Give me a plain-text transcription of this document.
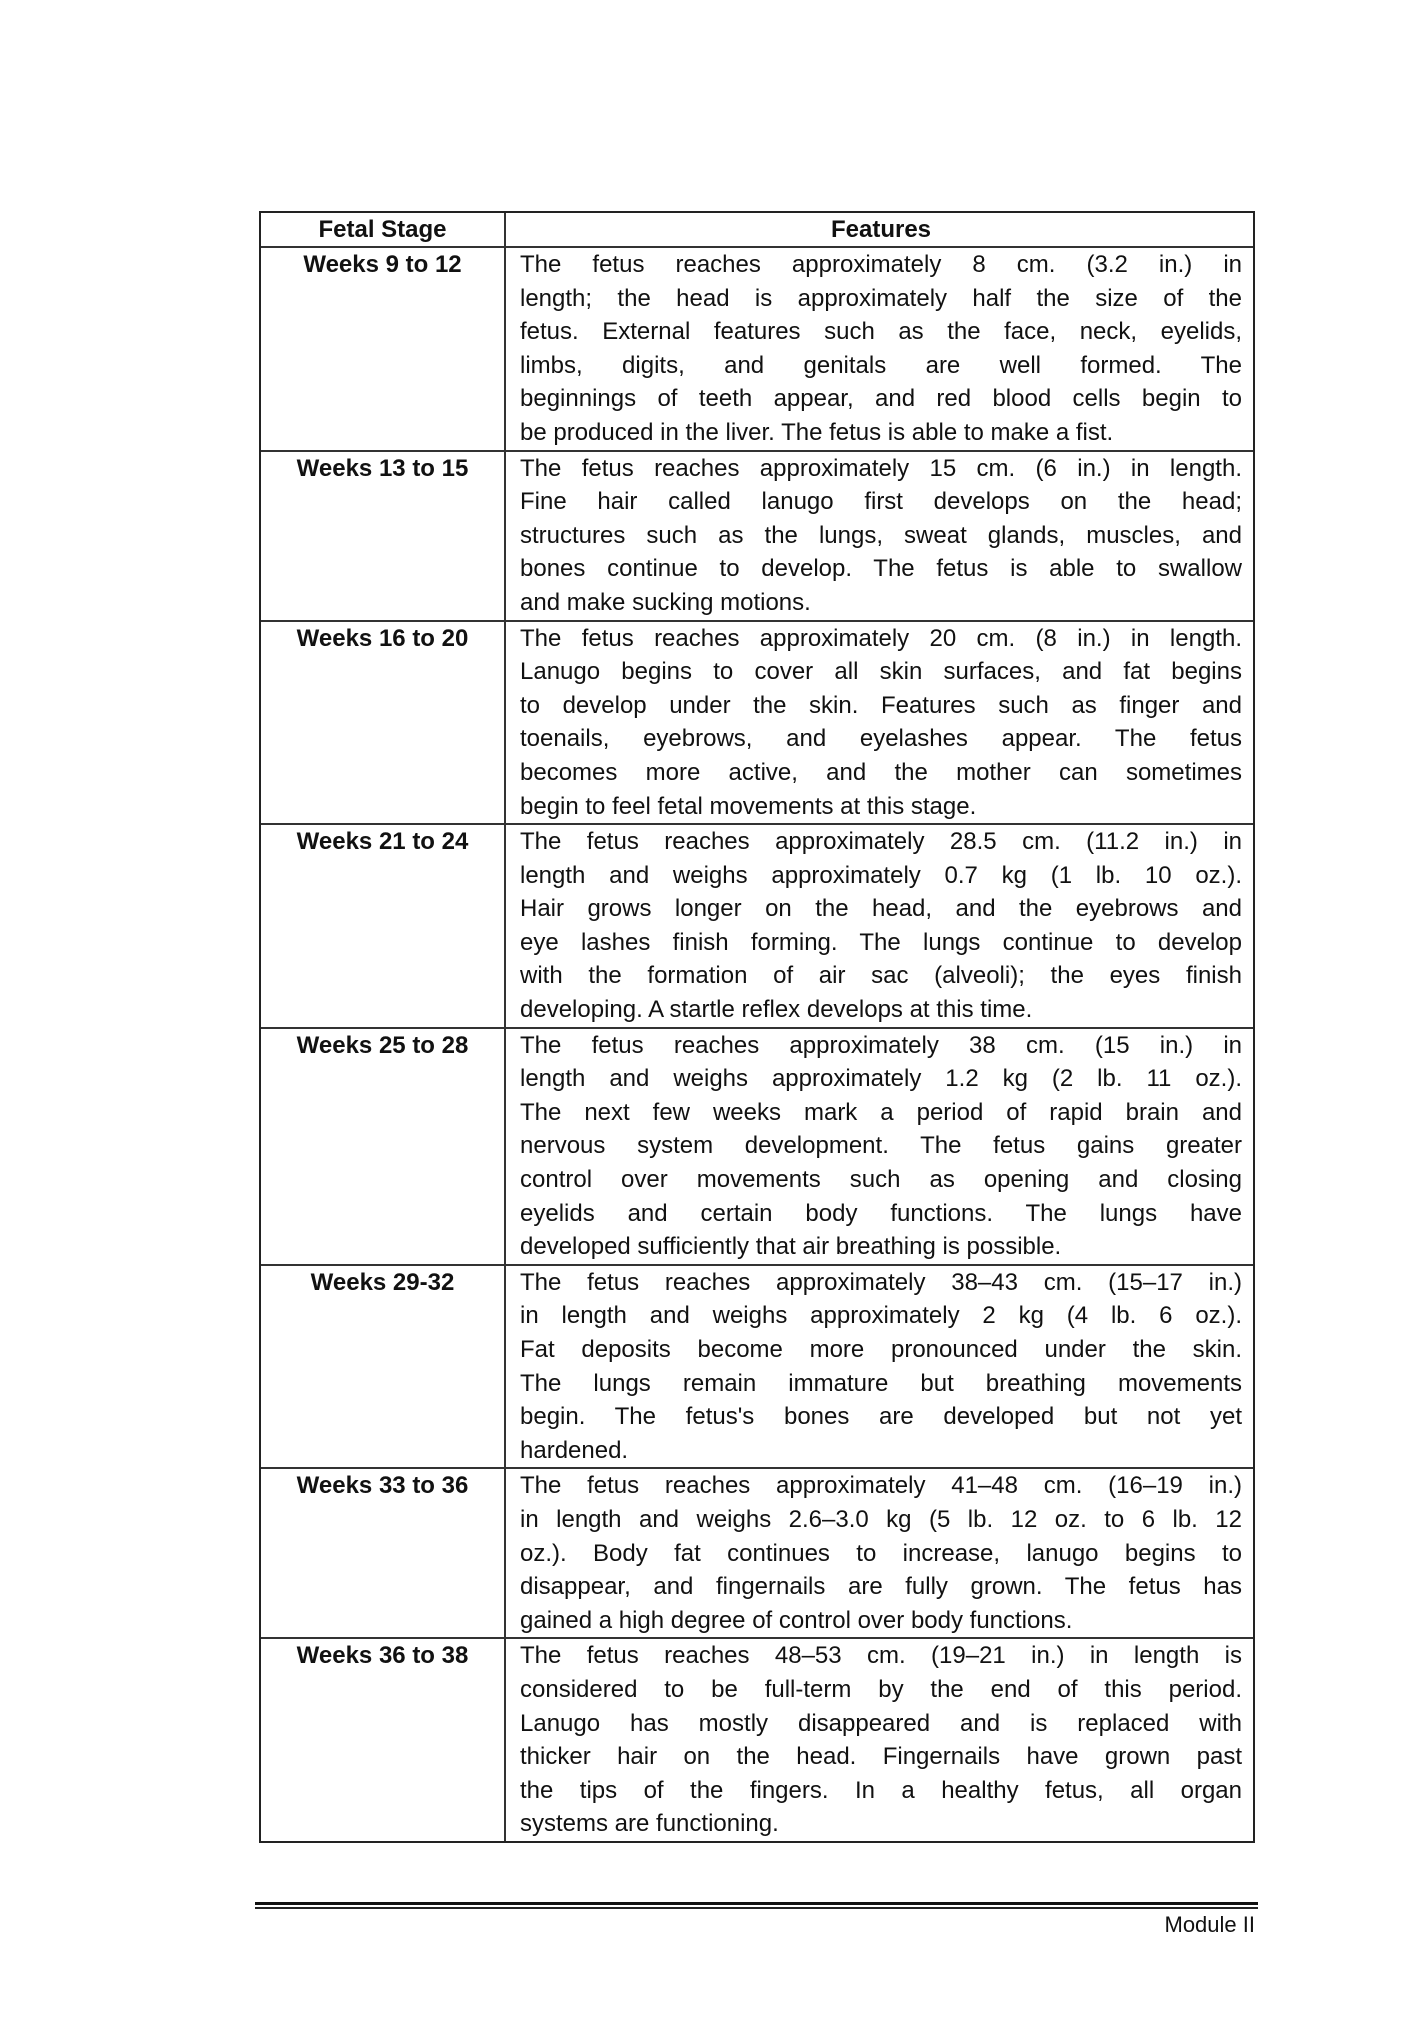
Fetal Stage	Features
Weeks 9 to 12	The fetus reaches approximately 8 cm. (3.2 in.) in
length; the head is approximately half the size of the
fetus. External features such as the face, neck, eyelids,
limbs, digits, and genitals are well formed. The
beginnings of teeth appear, and red blood cells begin to
be produced in the liver. The fetus is able to make a fist.
Weeks 13 to 15	The fetus reaches approximately 15 cm. (6 in.) in length.
Fine hair called lanugo first develops on the head;
structures such as the lungs, sweat glands, muscles, and
bones continue to develop. The fetus is able to swallow
and make sucking motions.
Weeks 16 to 20	The fetus reaches approximately 20 cm. (8 in.) in length.
Lanugo begins to cover all skin surfaces, and fat begins
to develop under the skin. Features such as finger and
toenails, eyebrows, and eyelashes appear. The fetus
becomes more active, and the mother can sometimes
begin to feel fetal movements at this stage.
Weeks 21 to 24	The fetus reaches approximately 28.5 cm. (11.2 in.) in
length and weighs approximately 0.7 kg (1 lb. 10 oz.).
Hair grows longer on the head, and the eyebrows and
eye lashes finish forming. The lungs continue to develop
with the formation of air sac (alveoli); the eyes finish
developing. A startle reflex develops at this time.
Weeks 25 to 28	The fetus reaches approximately 38 cm. (15 in.) in
length and weighs approximately 1.2 kg (2 lb. 11 oz.).
The next few weeks mark a period of rapid brain and
nervous system development. The fetus gains greater
control over movements such as opening and closing
eyelids and certain body functions. The lungs have
developed sufficiently that air breathing is possible.
Weeks 29-32	The fetus reaches approximately 38–43 cm. (15–17 in.)
in length and weighs approximately 2 kg (4 lb. 6 oz.).
Fat deposits become more pronounced under the skin.
The lungs remain immature but breathing movements
begin. The fetus's bones are developed but not yet
hardened.
Weeks 33 to 36	The fetus reaches approximately 41–48 cm. (16–19 in.)
in length and weighs 2.6–3.0 kg (5 lb. 12 oz. to 6 lb. 12
oz.). Body fat continues to increase, lanugo begins to
disappear, and fingernails are fully grown. The fetus has
gained a high degree of control over body functions.
Weeks 36 to 38	The fetus reaches 48–53 cm. (19–21 in.) in length is
considered to be full-term by the end of this period.
Lanugo has mostly disappeared and is replaced with
thicker hair on the head. Fingernails have grown past
the tips of the fingers. In a healthy fetus, all organ
systems are functioning.
Module II
